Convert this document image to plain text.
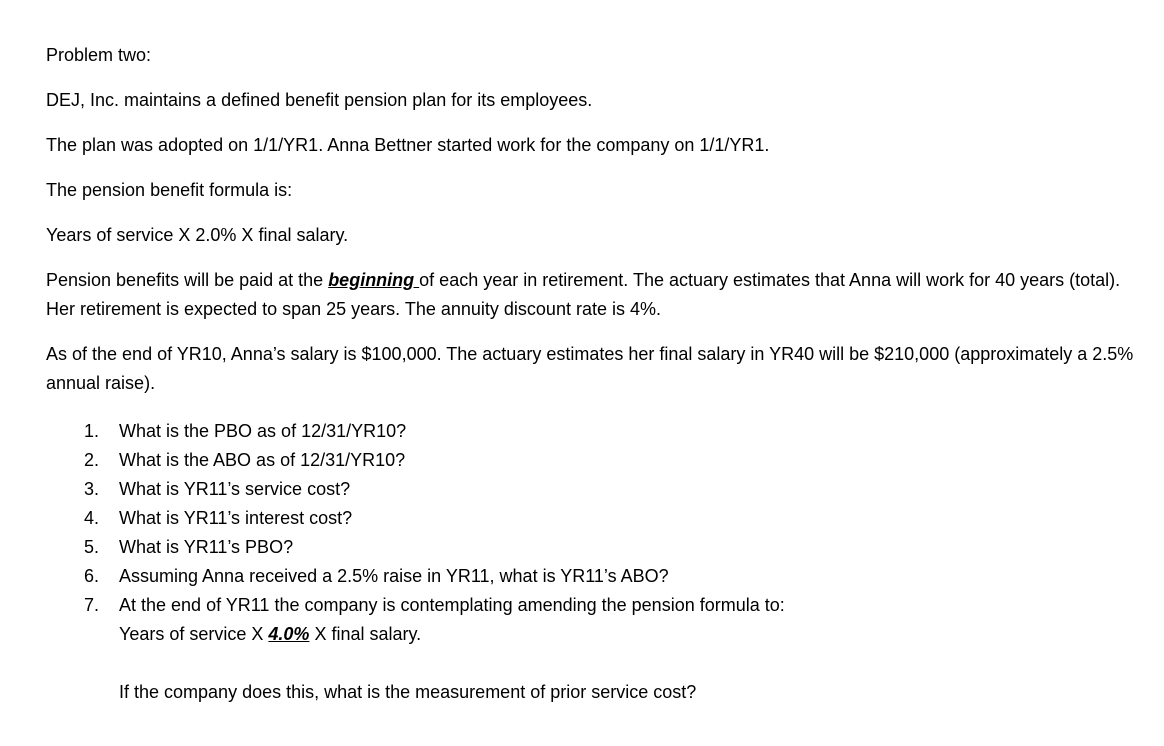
Problem two:
DEJ, Inc. maintains a defined benefit pension plan for its employees.
The plan was adopted on 1/1/YR1. Anna Bettner started work for the company on 1/1/YR1.
The pension benefit formula is:
Years of service X 2.0% X final salary.
Pension benefits will be paid at the beginning of each year in retirement. The actuary estimates that Anna will work for 40 years (total). Her retirement is expected to span 25 years. The annuity discount rate is 4%.
As of the end of YR10, Anna’s salary is $100,000. The actuary estimates her final salary in YR40 will be $210,000 (approximately a 2.5% annual raise).
1. What is the PBO as of 12/31/YR10?
2. What is the ABO as of 12/31/YR10?
3. What is YR11’s service cost?
4. What is YR11’s interest cost?
5. What is YR11’s PBO?
6. Assuming Anna received a 2.5% raise in YR11, what is YR11’s ABO?
7. At the end of YR11 the company is contemplating amending the pension formula to:
Years of service X 4.0% X final salary.
If the company does this, what is the measurement of prior service cost?
